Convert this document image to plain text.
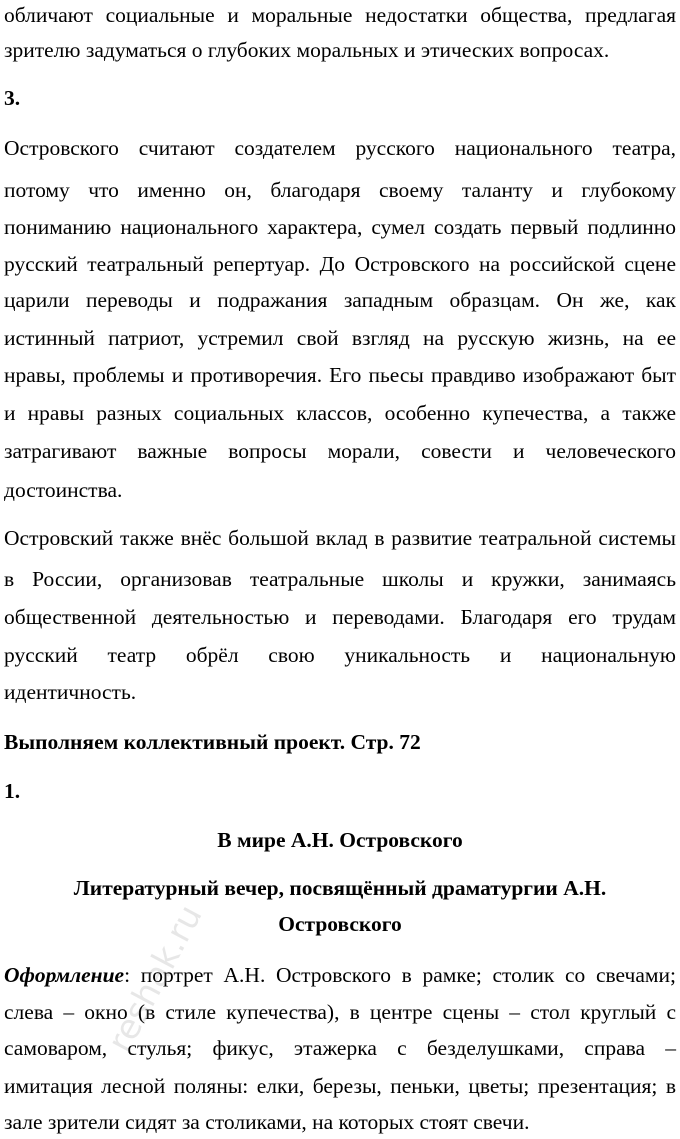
обличают социальные и моральные недостатки общества, предлагая
зрителю задуматься о глубоких моральных и этических вопросах.
3.
Островского считают создателем русского национального театра,
потому что именно он, благодаря своему таланту и глубокому
пониманию национального характера, сумел создать первый подлинно
русский театральный репертуар. До Островского на российской сцене
царили переводы и подражания западным образцам. Он же, как
истинный патриот, устремил свой взгляд на русскую жизнь, на ее
нравы, проблемы и противоречия. Его пьесы правдиво изображают быт
и нравы разных социальных классов, особенно купечества, а также
затрагивают важные вопросы морали, совести и человеческого
достоинства.
Островский также внёс большой вклад в развитие театральной системы
в России, организовав театральные школы и кружки, занимаясь
общественной деятельностью и переводами. Благодаря его трудам
русский театр обрёл свою уникальность и национальную
идентичность.
Выполняем коллективный проект. Стр. 72
1.
В мире А.Н. Островского
Литературный вечер, посвящённый драматургии А.Н.
Островского
Оформление: портрет А.Н. Островского в рамке; столик со свечами;
слева – окно (в стиле купечества), в центре сцены – стол круглый с
самоваром, стулья; фикус, этажерка с безделушками, справа –
имитация лесной поляны: елки, березы, пеньки, цветы; презентация; в
зале зрители сидят за столиками, на которых стоят свечи.
reshak.ru
